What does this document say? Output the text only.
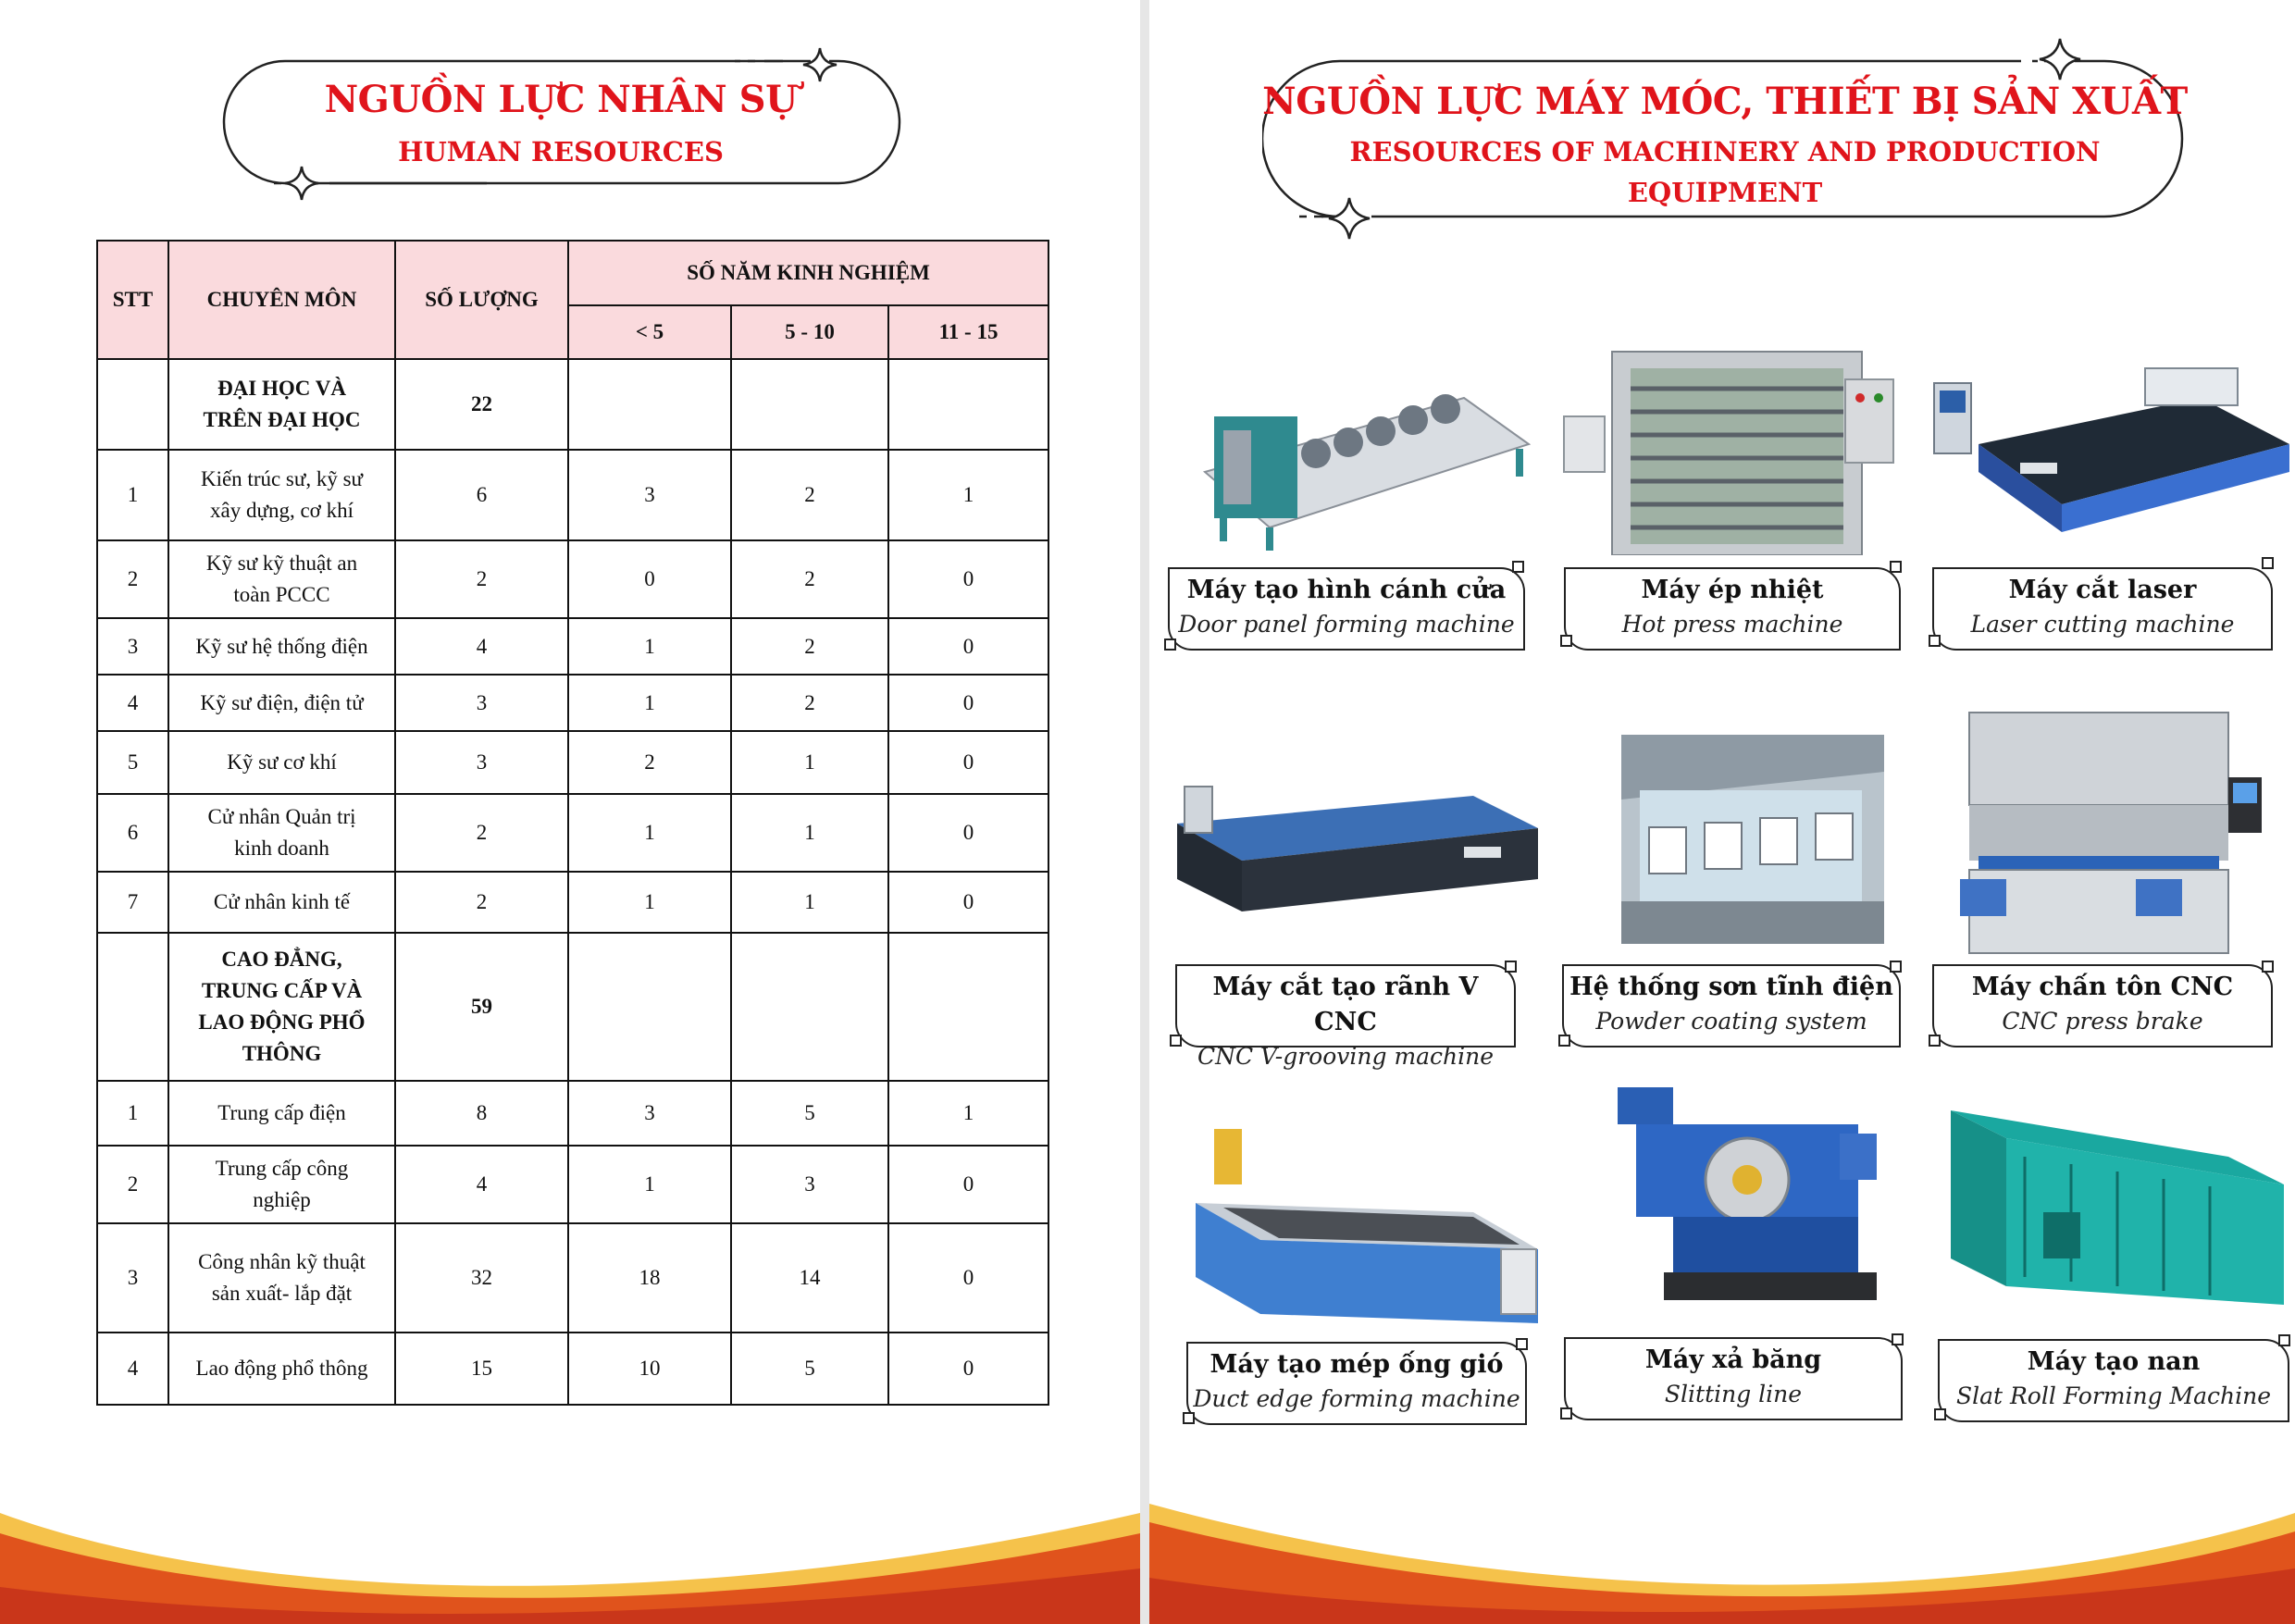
NGUỒN LỰC NHÂN SỰ
HUMAN RESOURCES
STT	CHUYÊN MÔN	SỐ LƯỢNG	SỐ NĂM KINH NGHIỆM		
			< 5	5 - 10	11 - 15
	ĐẠI HỌC VÀ TRÊN ĐẠI HỌC	22			
1	Kiến trúc sư, kỹ sư xây dựng, cơ khí	6	3	2	1
2	Kỹ sư kỹ thuật an toàn PCCC	2	0	2	0
3	Kỹ sư hệ thống điện	4	1	2	0
4	Kỹ sư điện, điện tử	3	1	2	0
5	Kỹ sư cơ khí	3	2	1	0
6	Cử nhân Quản trị kinh doanh	2	1	1	0
7	Cử nhân kinh tế	2	1	1	0
	CAO ĐẲNG, TRUNG CẤP VÀ LAO ĐỘNG PHỔ THÔNG	59			
1	Trung cấp điện	8	3	5	1
2	Trung cấp công nghiệp	4	1	3	0
3	Công nhân kỹ thuật sản xuất- lắp đặt	32	18	14	0
4	Lao động phổ thông	15	10	5	0
NGUỒN LỰC MÁY MÓC, THIẾT BỊ SẢN XUẤT
RESOURCES OF MACHINERY AND PRODUCTION
EQUIPMENT
Máy tạo hình cánh cửa
Door panel forming machine
Máy ép nhiệt
Hot press machine
Máy cắt laser
Laser cutting machine
Máy cắt tạo rãnh V CNC
CNC V-grooving machine
Hệ thống sơn tĩnh điện
Powder coating system
Máy chấn tôn CNC
CNC press brake
Máy tạo mép ống gió
Duct edge forming machine
Máy xả băng
Slitting line
Máy tạo nan
Slat Roll Forming Machine
